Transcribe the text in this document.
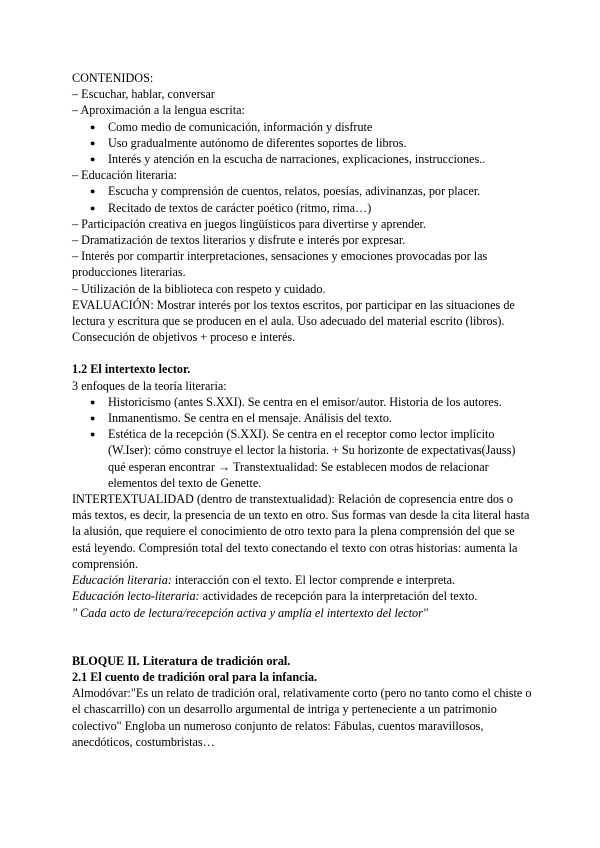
CONTENIDOS:

– Escuchar, hablar, conversar

– Aproximación a la lengua escrita:

● Como medio de comunicación, información y disfrute
● Uso gradualmente autónomo de diferentes soportes de libros.
● Interés y atención en la escucha de narraciones, explicaciones, instrucciones..

– Educación literaria:

● Escucha y comprensión de cuentos, relatos, poesías, adivinanzas, por placer.
● Recitado de textos de carácter poético (ritmo, rima…)

– Participación creativa en juegos lingüísticos para divertirse y aprender.

– Dramatización de textos literarios y disfrute e interés por expresar.

– Interés por compartir interpretaciones, sensaciones y emociones provocadas por las producciones literarias.

– Utilización de la biblioteca con respeto y cuidado.

EVALUACIÓN: Mostrar interés por los textos escritos, por participar en las situaciones de lectura y escritura que se producen en el aula. Uso adecuado del material escrito (libros). Consecución de objetivos + proceso e interés.

1.2 El intertexto lector.

3 enfoques de la teoría literaria:

● Historicismo (antes S.XXI). Se centra en el emisor/autor. Historia de los autores.
● Inmanentismo. Se centra en el mensaje. Análisis del texto.
● Estética de la recepción (S.XXI). Se centra en el receptor como lector implícito (W.Iser): cómo construye el lector la historia. + Su horizonte de expectativas(Jauss) qué esperan encontrar → Transtextualidad: Se establecen modos de relacionar elementos del texto de Genette.

INTERTEXTUALIDAD (dentro de transtextualidad): Relación de copresencia entre dos o más textos, es decir, la presencia de un texto en otro. Sus formas van desde la cita literal hasta la alusión, que requiere el conocimiento de otro texto para la plena comprensión del que se está leyendo. Compresión total del texto conectando el texto con otras historias: aumenta la comprensión.

Educación literaria: interacción con el texto. El lector comprende e interpreta.

Educación lecto-literaria: actividades de recepción para la interpretación del texto.

" Cada acto de lectura/recepción activa y amplía el intertexto del lector"

BLOQUE II. Literatura de tradición oral.

2.1 El cuento de tradición oral para la infancia.

Almodóvar:"Es un relato de tradición oral, relativamente corto (pero no tanto como el chiste o el chascarrillo) con un desarrollo argumental de intriga y perteneciente a un patrimonio colectivo" Engloba un numeroso conjunto de relatos: Fábulas, cuentos maravillosos, anecdóticos, costumbristas…
